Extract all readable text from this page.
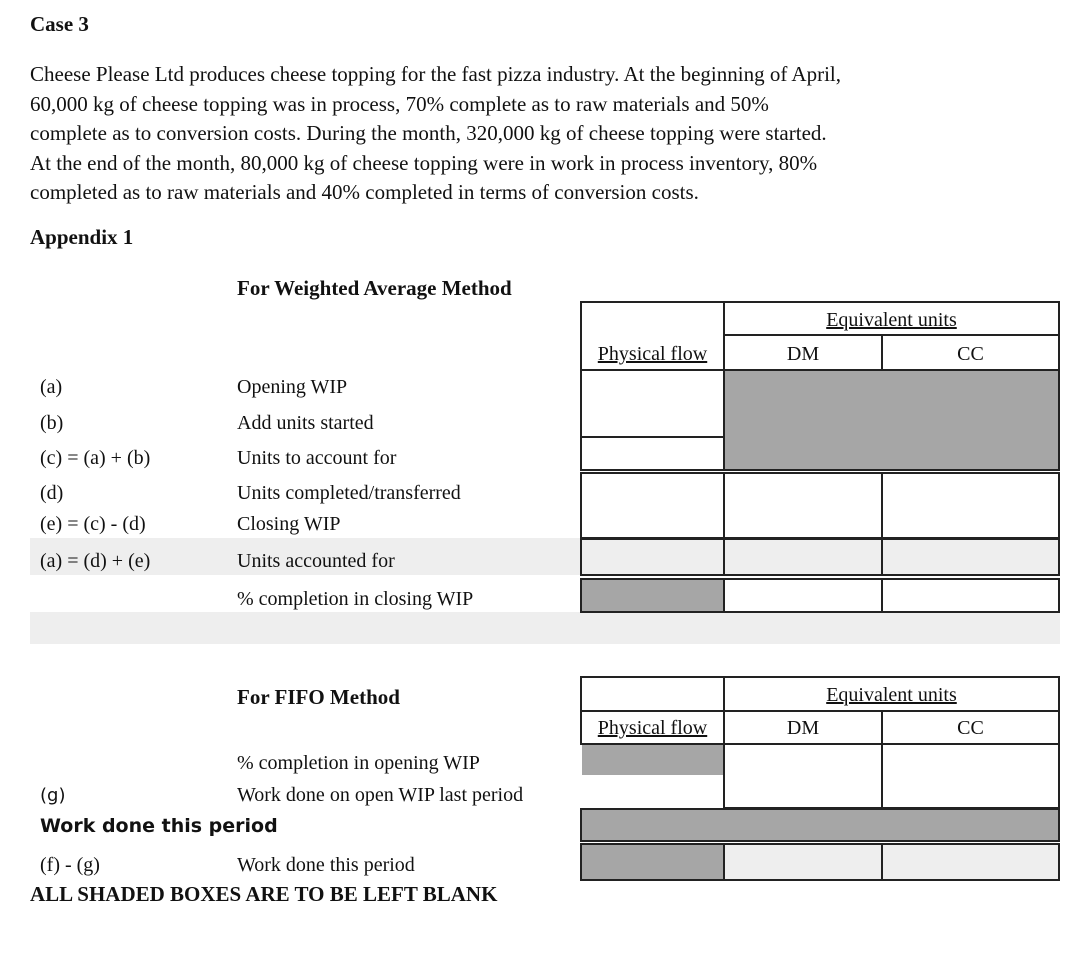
Case 3
Cheese Please Ltd produces cheese topping for the fast pizza industry. At the beginning of April,
60,000 kg of cheese topping was in process, 70% complete as to raw materials and 50%
complete as to conversion costs. During the month, 320,000 kg of cheese topping were started.
At the end of the month, 80,000 kg of cheese topping were in work in process inventory, 80%
completed as to raw materials and 40% completed in terms of conversion costs.
Appendix 1
For Weighted Average Method
Equivalent units
Physical flow	DM	CC
(a)	Opening WIP
(b)	Add units started
(c) = (a) + (b)	Units to account for
(d)	Units completed/transferred
(e) = (c) - (d)	Closing WIP
(a) = (d) + (e)	Units accounted for
% completion in closing WIP
For FIFO Method	Equivalent units
Physical flow	DM	CC
% completion in opening WIP
(g)	Work done on open WIP last period
Work done this period
(f) - (g)	Work done this period
ALL SHADED BOXES ARE TO BE LEFT BLANK
